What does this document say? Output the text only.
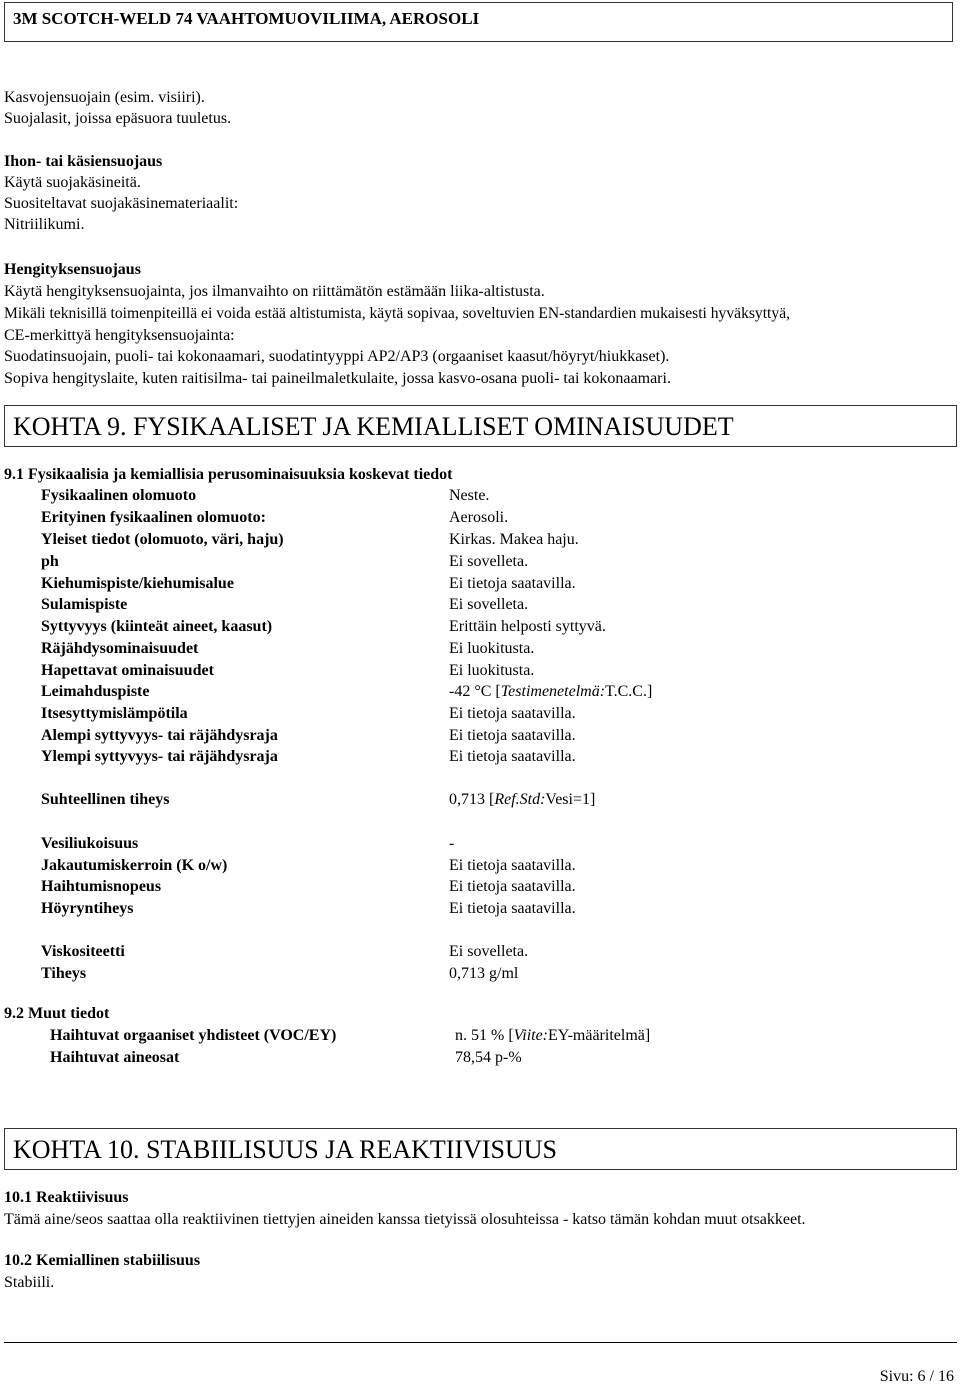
3M SCOTCH-WELD 74 VAAHTOMUOVILIIMA, AEROSOLI
Kasvojensuojain (esim. visiiri).
Suojalasit, joissa epäsuora tuuletus.
Ihon- tai käsiensuojaus
Käytä suojakäsineitä.
Suositeltavat suojakäsinemateriaalit:
Nitriilikumi.
Hengityksensuojaus
Käytä hengityksensuojainta, jos ilmanvaihto on riittämätön estämään liika-altistusta.
Mikäli teknisillä toimenpiteillä ei voida estää altistumista, käytä sopivaa, soveltuvien EN-standardien mukaisesti hyväksyttyä,
CE-merkittyä hengityksensuojainta:
Suodatinsuojain, puoli- tai kokonaamari, suodatintyyppi AP2/AP3 (orgaaniset kaasut/höyryt/hiukkaset).
Sopiva hengityslaite, kuten raitisilma- tai paineilmaletkulaite, jossa kasvo-osana puoli- tai kokonaamari.
KOHTA 9. FYSIKAALISET JA KEMIALLISET OMINAISUUDET
9.1 Fysikaalisia ja kemiallisia perusominaisuuksia koskevat tiedot
Fysikaalinen olomuoto	Neste.
Erityinen fysikaalinen olomuoto:	Aerosoli.
Yleiset tiedot (olomuoto, väri, haju)	Kirkas. Makea haju.
ph	Ei sovelleta.
Kiehumispiste/kiehumisalue	Ei tietoja saatavilla.
Sulamispiste	Ei sovelleta.
Syttyvyys (kiinteät aineet, kaasut)	Erittäin helposti syttyvä.
Räjähdysominaisuudet	Ei luokitusta.
Hapettavat ominaisuudet	Ei luokitusta.
Leimahduspiste	-42 °C [Testimenetelmä:T.C.C.]
Itsesyttymislämpötila	Ei tietoja saatavilla.
Alempi syttyvyys- tai räjähdysraja	Ei tietoja saatavilla.
Ylempi syttyvyys- tai räjähdysraja	Ei tietoja saatavilla.
Suhteellinen tiheys	0,713 [Ref.Std:Vesi=1]
Vesiliukoisuus	-
Jakautumiskerroin (K o/w)	Ei tietoja saatavilla.
Haihtumisnopeus	Ei tietoja saatavilla.
Höyryntiheys	Ei tietoja saatavilla.
Viskositeetti	Ei sovelleta.
Tiheys	0,713 g/ml
9.2 Muut tiedot
Haihtuvat orgaaniset yhdisteet (VOC/EY)	n. 51 % [Viite:EY-määritelmä]
Haihtuvat aineosat	78,54 p-%
KOHTA 10. STABIILISUUS JA REAKTIIVISUUS
10.1 Reaktiivisuus
Tämä aine/seos saattaa olla reaktiivinen tiettyjen aineiden kanssa tietyissä olosuhteissa - katso tämän kohdan muut otsakkeet.
10.2 Kemiallinen stabiilisuus
Stabiili.
Sivu: 6 / 16
